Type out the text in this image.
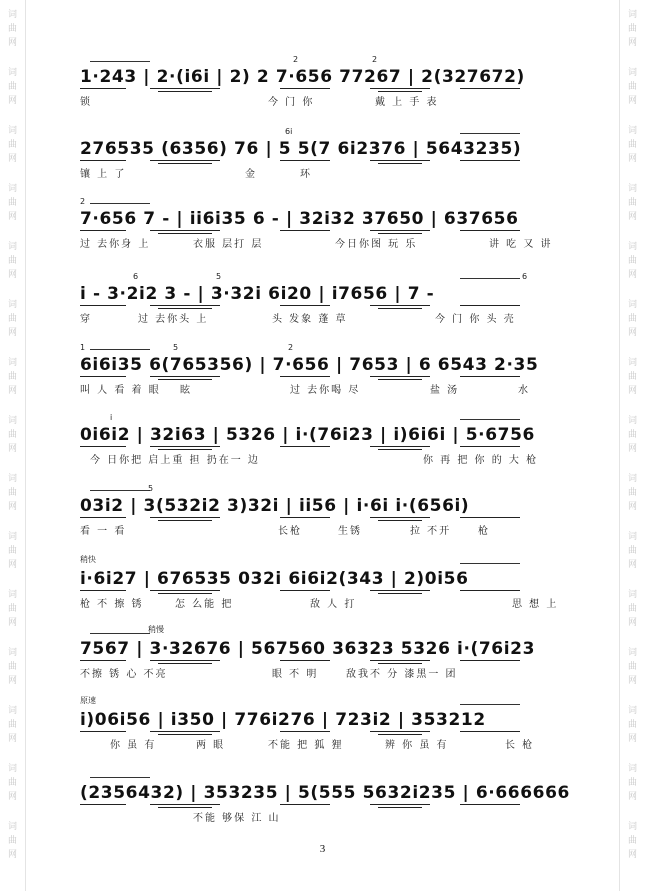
词
曲
网
词
曲
网
词
曲
网
词
曲
网
词
曲
网
词
曲
网
词
曲
网
词
曲
网
词
曲
网
词
曲
网
词
曲
网
词
曲
网
词
曲
网
词
曲
网
词
曲
网
词
曲
网
词
曲
网
词
曲
网
词
曲
网
词
曲
网
词
曲
网
词
曲
网
词
曲
网
词
曲
网
词
曲
网
词
曲
网
词
曲
网
词
曲
网
词
曲
网
词
曲
网
1·243 | 2·(i6i | 2) 2 7·656 77267 | 2(327672)
锁	今 门 你	戴 上 手 表
2	2
276535 (6356) 76 | 5 5(7 6i2376 | 5643235)
镶 上 了	金	环
6i
7·656 7 - | ii6i35 6 - | 32i32 37650 | 637656
过 去你身 上	衣服 层打 层	今日你图 玩 乐	讲 吃 又 讲
2
i - 3·2i2 3 - | 3·32i 6i20 | i7656 | 7 -
穿	过 去你头 上	头 发象 蓬 草	今 门 你 头 壳
6	5	6
6i6i35 6(765356) | 7·656 | 7653 | 6 6543 2·35
叫 人 看 着 眼 眩	过 去你喝 尽	盐 汤	水
1	5	2
0i6i2 | 32i63 | 5326 | i·(76i23 | i)6i6i | 5·6756
今 日你把 启上重 担 扔在一 边	你 再 把 你 的 大 枪
i
03i2 | 3(532i2 3)32i | ii56 | i·6i i·(656i)
看 一 看	长枪	生锈	拉 不开	枪
5
i·6i27 | 676535 032i 6i6i2(343 | 2)0i56
枪 不 擦 锈	怎 么能 把	敌 人 打	思 想 上
稍快
7567 | 3·32676 | 567560 36323 5326 i·(76i23
不擦 锈 心 不亮	眼 不 明	敌我不 分 漆黑一 团
稍慢
i)06i56 | i350 | 776i276 | 723i2 | 353212
你 虽 有	两 眼	不能 把 狐 狸	辨 你 虽 有	长 枪
原速
(2356432) | 353235 | 5(555 5632i235 | 6·666666
不能 够保 江 山
3
